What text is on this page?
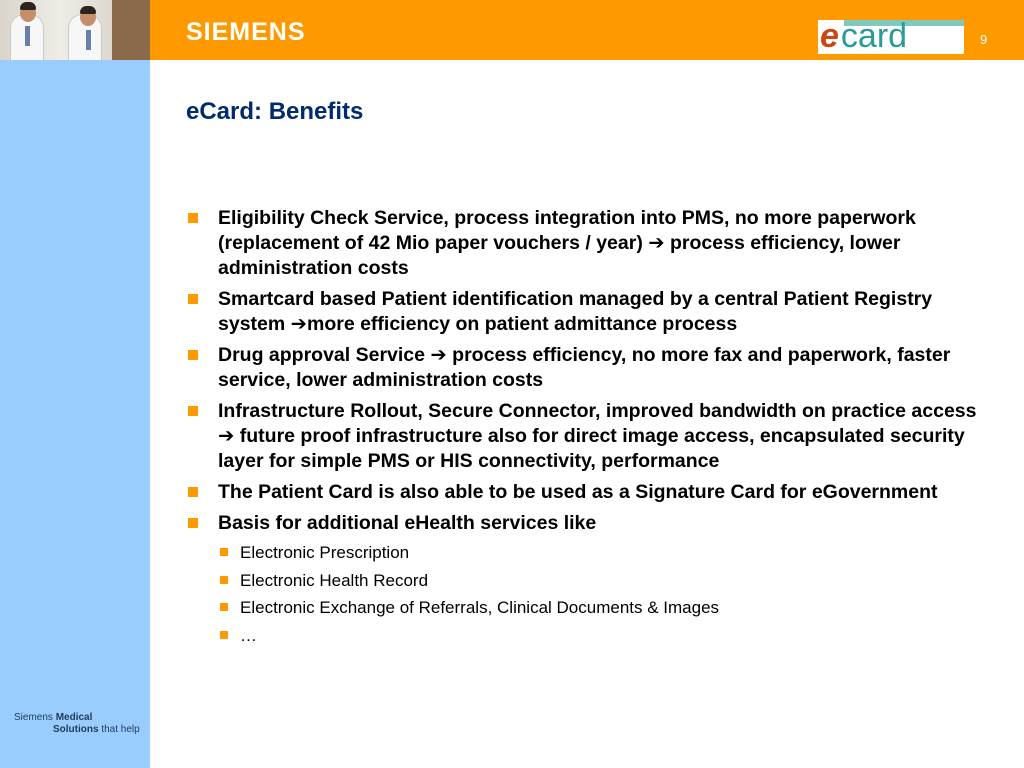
SIEMENS	e card	9
Siemens Medical
Solutions that help
eCard: Benefits
Eligibility Check Service, process integration into PMS, no more paperwork (replacement of 42 Mio paper vouchers / year) ➔ process efficiency, lower administration costs
Smartcard based Patient identification managed by a central Patient Registry system ➔more efficiency on patient admittance process
Drug approval Service ➔ process efficiency, no more fax and paperwork, faster service, lower administration costs
Infrastructure Rollout, Secure Connector, improved bandwidth on practice access ➔ future proof infrastructure also for direct image access, encapsulated security layer for simple PMS or HIS connectivity, performance
The Patient Card is also able to be used as a Signature Card for eGovernment
Basis for additional eHealth services like
Electronic Prescription
Electronic Health Record
Electronic Exchange of Referrals, Clinical Documents & Images
…
